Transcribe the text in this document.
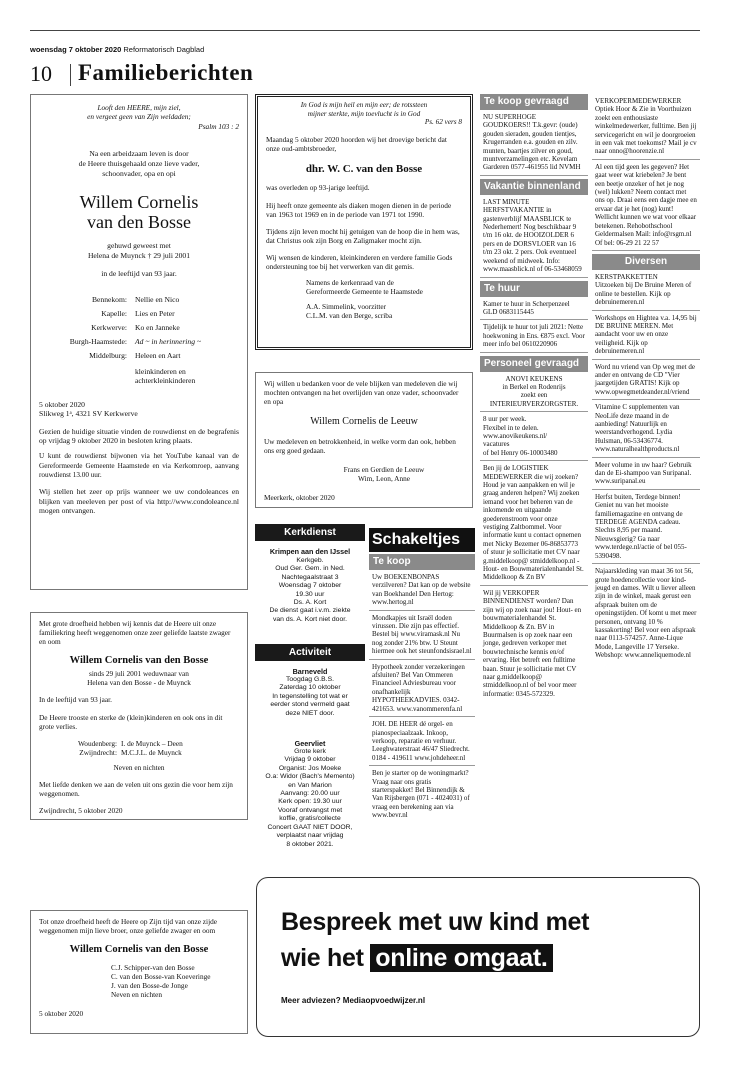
woensdag 7 oktober 2020 Reformatorisch Dagblad
10 Familieberichten
Looft den HEERE, mijn ziel,
en vergeet geen van Zijn weldaden;
Psalm 103 : 2
Na een arbeidzaam leven is door
de Heere thuisgehaald onze lieve vader,
schoonvader, opa en opi
Willem Cornelis
van den Bosse
gehuwd geweest met
Helena de Muynck † 29 juli 2001
in de leeftijd van 93 jaar.
Bennekom:	Nellie en Nico
Kapelle:	Lies en Peter
Kerkwerve:	Ko en Janneke
Burgh-Haamstede:	Ad ~ in herinnering ~
Middelburg:	Heleen en Aart
kleinkinderen en
achterkleinkinderen
5 oktober 2020
Slikweg 1ᵃ, 4321 SV Kerkwerve
Gezien de huidige situatie vinden de rouwdienst en de begrafenis op vrijdag 9 oktober 2020 in besloten kring plaats.
U kunt de rouwdienst bijwonen via het YouTube kanaal van de Gereformeerde Gemeente Haamstede en via Kerkomroep, aanvang rouwdienst 13.00 uur.
Wij stellen het zeer op prijs wanneer we uw condoleances en blijken van meeleven per post of via http://www.condoleance.nl mogen ontvangen.
In God is mijn heil en mijn eer; de rotssteen
mijner sterkte, mijn toevlucht is in God
Ps. 62 vers 8
Maandag 5 oktober 2020 hoorden wij het droevige bericht dat onze oud-ambtsbroeder,
dhr. W. C. van den Bosse
was overleden op 93-jarige leeftijd.
Hij heeft onze gemeente als diaken mogen dienen in de periode van 1963 tot 1969 en in de periode van 1971 tot 1990.
Tijdens zijn leven mocht hij getuigen van de hoop die in hem was, dat Christus ook zijn Borg en Zaligmaker mocht zijn.
Wij wensen de kinderen, kleinkinderen en verdere familie Gods ondersteuning toe bij het verwerken van dit gemis.
Namens de kerkenraad van de
Gereformeerde Gemeente te Haamstede
A.A. Simmelink, voorzitter
C.L.M. van den Berge, scriba
Wij willen u bedanken voor de vele blijken van medeleven die wij mochten ontvangen na het overlijden van onze vader, schoonvader en opa
Willem Cornelis de Leeuw
Uw medeleven en betrokkenheid, in welke vorm dan ook, hebben ons erg goed gedaan.
Frans en Gerdien de Leeuw
Wim, Leon, Anne
Meerkerk, oktober 2020
Met grote droefheid hebben wij kennis dat de Heere uit onze familiekring heeft weggenomen onze zeer geliefde laatste zwager en oom
Willem Cornelis van den Bosse
sinds 29 juli 2001 weduwnaar van
Helena van den Bosse - de Muynck
In de leeftijd van 93 jaar.
De Heere trooste en sterke de (klein)kinderen en ook ons in dit grote verlies.
Woudenberg: I. de Muynck – Deen
Zwijndrecht: M.C.J.L. de Muynck
Neven en nichten
Met liefde denken we aan de velen uit ons gezin die voor hem zijn weggenomen.
Zwijndrecht, 5 oktober 2020
Tot onze droefheid heeft de Heere op Zijn tijd van onze zijde weggenomen mijn lieve broer, onze geliefde zwager en oom
Willem Cornelis van den Bosse
C.J. Schipper-van den Bosse
C. van den Bosse-van Koeveringe
J. van den Bosse-de Jonge
Neven en nichten
5 oktober 2020
Kerkdienst
Krimpen aan den IJssel
Kerkgeb.
Oud Ger. Gem. in Ned.
Nachtegaalstraat 3
Woensdag 7 oktober
19.30 uur
Ds. A. Kort
De dienst gaat i.v.m. ziekte
van ds. A. Kort niet door.
Activiteit
Barneveld
Toogdag G.B.S.
Zaterdag 10 oktober
In tegenstelling tot wat er
eerder stond vermeld gaat
deze NIET door.
Geervliet
Grote kerk
Vrijdag 9 oktober
Organist: Jos Moeke
O.a: Widor (Bach's Memento)
en Van Marion
Aanvang: 20.00 uur
Kerk open: 19.30 uur
Vooraf ontvangst met
koffie, gratis/collecte
Concert GAAT NIET DOOR,
verplaatst naar vrijdag
8 oktober 2021.
Schakeltjes
Te koop
Uw BOEKENBONPAS verzilveren? Dat kan op de website van Boekhandel Den Hertog: www.hertog.nl
Mondkapjes uit Israël doden virussen. Die zijn pas effectief. Bestel bij www.viramask.nl Nu nog zonder 21% btw. U Steunt hiermee ook het steunfondsisrael.nl
Hypotheek zonder verzekeringen afsluiten? Bel Van Ommeren Financieel Adviesbureau voor onafhankelijk HYPOTHEEKADVIES. 0342-421653. www.vanommerenfa.nl
JOH. DE HEER dé orgel- en pianospeciaalzaak. Inkoop, verkoop, reparatie en verhuur. Leeghwaterstraat 46/47 Sliedrecht. 0184 - 419611 www.johdeheer.nl
Ben je starter op de woningmarkt? Vraag naar ons gratis starterspakket! Bel Binnendijk & Van Rijsbergen (071 - 4024031) of vraag een berekening aan via www.bevr.nl
Te koop gevraagd
NU SUPERHOGE GOUDKOERS!! T.k.gevr: (oude) gouden sieraden, gouden tientjes, Krugerranden e.a. gouden en zilv. munten, baartjes zilver en goud, muntverzamelingen etc. Kevelam Garderen 0577-461955 lid NVMH
Vakantie binnenland
LAST MINUTE HERFSTVAKANTIE in gastenverblijf MAASBLICK te Nederhemert! Nog beschikbaar 9 t/m 16 okt. de HOOIZOLDER 6 pers en de DORSVLOER van 16 t/m 23 okt. 2 pers. Ook eventueel weekend of midweek. Info: www.maasblick.nl of 06-53468059
Te huur
Kamer te huur in Scherpenzeel GLD 0683115445
Tijdelijk te huur tot juli 2021: Nette hoekwoning in Ens. €875 excl. Voor meer info bel 0610220906
Personeel gevraagd
ANOVI KEUKENS
in Berkel en Rodenrijs
zoekt een
INTERIEURVERZORGSTER.
8 uur per week.
Flexibel in te delen.
www.anovikeukens.nl/
vacatures
of bel Henry 06-10003480
Ben jij de LOGISTIEK MEDEWERKER die wij zoeken? Houd je van aanpakken en wil je graag anderen helpen? Wij zoeken iemand voor het beheren van de inkomende en uitgaande goederenstroom voor onze vestiging Zaltbommel. Voor informatie kunt u contact opnemen met Nicky Bezemer 06-86853773 of stuur je sollicitatie met CV naar g.middelkoop@ stmiddelkoop.nl - Hout- en Bouwmaterialenhandel St. Middelkoop & Zn BV
Wil jij VERKOPER BINNENDIENST worden? Dan zijn wij op zoek naar jou! Hout- en bouwmaterialenhandel St. Middelkoop & Zn. BV in Buurmalsen is op zoek naar een jonge, gedreven verkoper met bouwtechnische kennis en/of ervaring. Het betreft een fulltime baan. Stuur je sollicitatie met CV naar g.middelkoop@ stmiddelkoop.nl of bel voor meer informatie: 0345-572329.
VERKOPERMEDEWERKER Optiek Hoor & Zie in Voorthuizen zoekt een enthousiaste winkelmedewerker, fulltime. Ben jij servicegericht en wil je doorgroeien in een vak met toekomst? Mail je cv naar onno@hoorenzie.nl
Al een tijd geen les gegeven? Het gaat weer wat kriebelen? Je bent een beetje onzeker of het je nog (wel) lukken? Neem contact met ons op. Draai eens een dagje mee en ervaar dat je het (nog) kunt! Wellicht kunnen we wat voor elkaar betekenen. Rehobothschool Geldermalsen Mail: info@rsgm.nl Of bel: 06-29 21 22 57
Diversen
KERSTPAKKETTEN
Uitzoeken bij De Bruine Meren of online te bestellen. Kijk op debruinemeren.nl
Workshops en Hightea v.a. 14,95 bij DE BRUINE MEREN. Met aandacht voor uw en onze veiligheid. Kijk op debruinemeren.nl
Word nu vriend van Op weg met de ander en ontvang de CD "Vier jaargetijden GRATIS! Kijk op www.opwegmetdeander.nl/vriend
Vitamine C supplementen van NeoLife deze maand in de aanbieding! Natuurlijk en weerstandverhogend. Lydia Hulsman, 06-53436774. www.naturalhealthproducts.nl
Meer volume in uw haar? Gebruik dan de Ei-shampoo van Suripanal. www.suripanal.eu
Herfst buiten, Terdege binnen! Geniet nu van het mooiste familiemagazine en ontvang de TERDEGE AGENDA cadeau. Slechts 8,95 per maand. Nieuwsgierig? Ga naar www.terdege.nl/actie of bel 055-5390498.
Najaarskleding van maat 36 tot 56, grote hoedencollectie voor kind-jeugd en dames. Wilt u liever alleen zijn in de winkel, maak gerust een afspraak buiten om de openingstijden. Of komt u met meer personen, ontvang 10 % kassakorting! Bel voor een afspraak naar 0113-574257. Anne-Lique Mode, Langeville 17 Yerseke. Webshop: www.anneliquemode.nl
Bespreek met uw kind met
wie het online omgaat.
Meer adviezen? Mediaopvoedwijzer.nl
